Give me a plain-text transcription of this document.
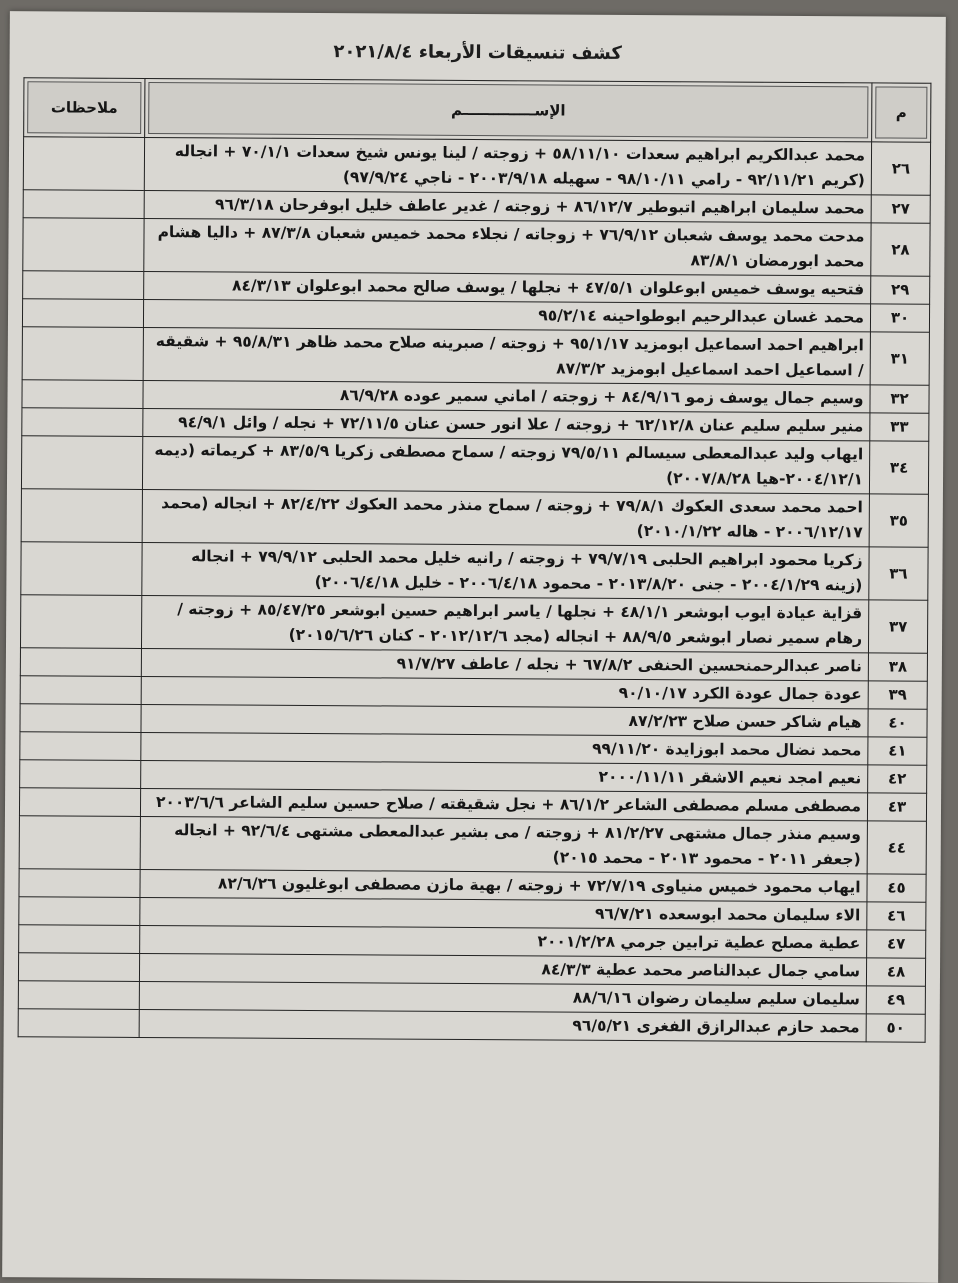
كشف تنسيقات الأربعاء ٢٠٢١/٨/٤
م	الإســــــــــــــم	ملاحظات
٢٦	محمد عبدالكريم ابراهيم سعدات ٥٨/١١/١٠ + زوجته / لينا يونس شيخ سعدات ٧٠/١/١ + انجاله (كريم ٩٢/١١/٢١ - رامي ٩٨/١٠/١١ - سهيله ٢٠٠٣/٩/١٨ - ناجي ٩٧/٩/٢٤)	
٢٧	محمد سليمان ابراهيم اتبوطير ٨٦/١٢/٧ + زوجته / غدير عاطف خليل ابوفرحان ٩٦/٣/١٨	
٢٨	مدحت محمد يوسف شعبان ٧٦/٩/١٢ + زوجاته / نجلاء محمد خميس شعبان ٨٧/٣/٨ + داليا هشام محمد ابورمضان ٨٣/٨/١	
٢٩	فتحيه يوسف خميس ابوعلوان ٤٧/٥/١ + نجلها / يوسف صالح محمد ابوعلوان ٨٤/٣/١٣	
٣٠	محمد غسان عبدالرحيم ابوطواحينه ٩٥/٢/١٤	
٣١	ابراهيم احمد اسماعيل ابومزيد ٩٥/١/١٧ + زوجته / صبرينه صلاح محمد ظاهر ٩٥/٨/٣١ + شقيقه / اسماعيل احمد اسماعيل ابومزيد ٨٧/٣/٢	
٣٢	وسيم جمال يوسف زمو ٨٤/٩/١٦ + زوجته / اماني سمير عوده ٨٦/٩/٢٨	
٣٣	منير سليم سليم عنان ٦٢/١٢/٨ + زوجته / علا انور حسن عنان ٧٢/١١/٥ + نجله / وائل ٩٤/٩/١	
٣٤	ايهاب وليد عبدالمعطى سيسالم ٧٩/٥/١١ زوجته / سماح مصطفى زكريا ٨٣/٥/٩ + كريماته (ديمه ٢٠٠٤/١٢/١-هيا ٢٠٠٧/٨/٢٨)	
٣٥	احمد محمد سعدى العكوك ٧٩/٨/١ + زوجته / سماح منذر محمد العكوك ٨٢/٤/٢٢ + انجاله (محمد ٢٠٠٦/١٢/١٧ - هاله ٢٠١٠/١/٢٢)	
٣٦	زكريا محمود ابراهيم الحلبى ٧٩/٧/١٩ + زوجته / رانيه خليل محمد الحلبى ٧٩/٩/١٢ + انجاله (زينه ٢٠٠٤/١/٢٩ - جنى ٢٠١٣/٨/٢٠ - محمود ٢٠٠٦/٤/١٨ - خليل ٢٠٠٦/٤/١٨)	
٣٧	قزاية عيادة ايوب ابوشعر ٤٨/١/١ + نجلها / ياسر ابراهيم حسين ابوشعر ٨٥/٤٧/٢٥ + زوجته / رهام سمير نصار ابوشعر ٨٨/٩/٥ + انجاله (مجد ٢٠١٢/١٢/٦ - كنان ٢٠١٥/٦/٢٦)	
٣٨	ناصر عبدالرحمنحسين الحنفى ٦٧/٨/٢ + نجله / عاطف ٩١/٧/٢٧	
٣٩	عودة جمال عودة الكرد ٩٠/١٠/١٧	
٤٠	هيام شاكر حسن صلاح ٨٧/٢/٢٣	
٤١	محمد نضال محمد ابوزايدة ٩٩/١١/٢٠	
٤٢	نعيم امجد نعيم الاشقر ٢٠٠٠/١١/١١	
٤٣	مصطفى مسلم مصطفى الشاعر ٨٦/١/٢ + نجل شقيقته / صلاح حسين سليم الشاعر ٢٠٠٣/٦/٦	
٤٤	وسيم منذر جمال مشتهى ٨١/٢/٢٧ + زوجته / مى بشير عبدالمعطى مشتهى ٩٢/٦/٤ + انجاله (جعفر ٢٠١١ - محمود ٢٠١٣ - محمد ٢٠١٥)	
٤٥	ايهاب محمود خميس منياوى ٧٢/٧/١٩ + زوجته / بهية مازن مصطفى ابوغليون ٨٢/٦/٢٦	
٤٦	الاء سليمان محمد ابوسعده ٩٦/٧/٢١	
٤٧	عطية مصلح عطية ترابين جرمي ٢٠٠١/٢/٢٨	
٤٨	سامي جمال عبدالناصر محمد عطية ٨٤/٣/٣	
٤٩	سليمان سليم سليمان رضوان ٨٨/٦/١٦	
٥٠	محمد حازم عبدالرازق الفغرى ٩٦/٥/٢١	
